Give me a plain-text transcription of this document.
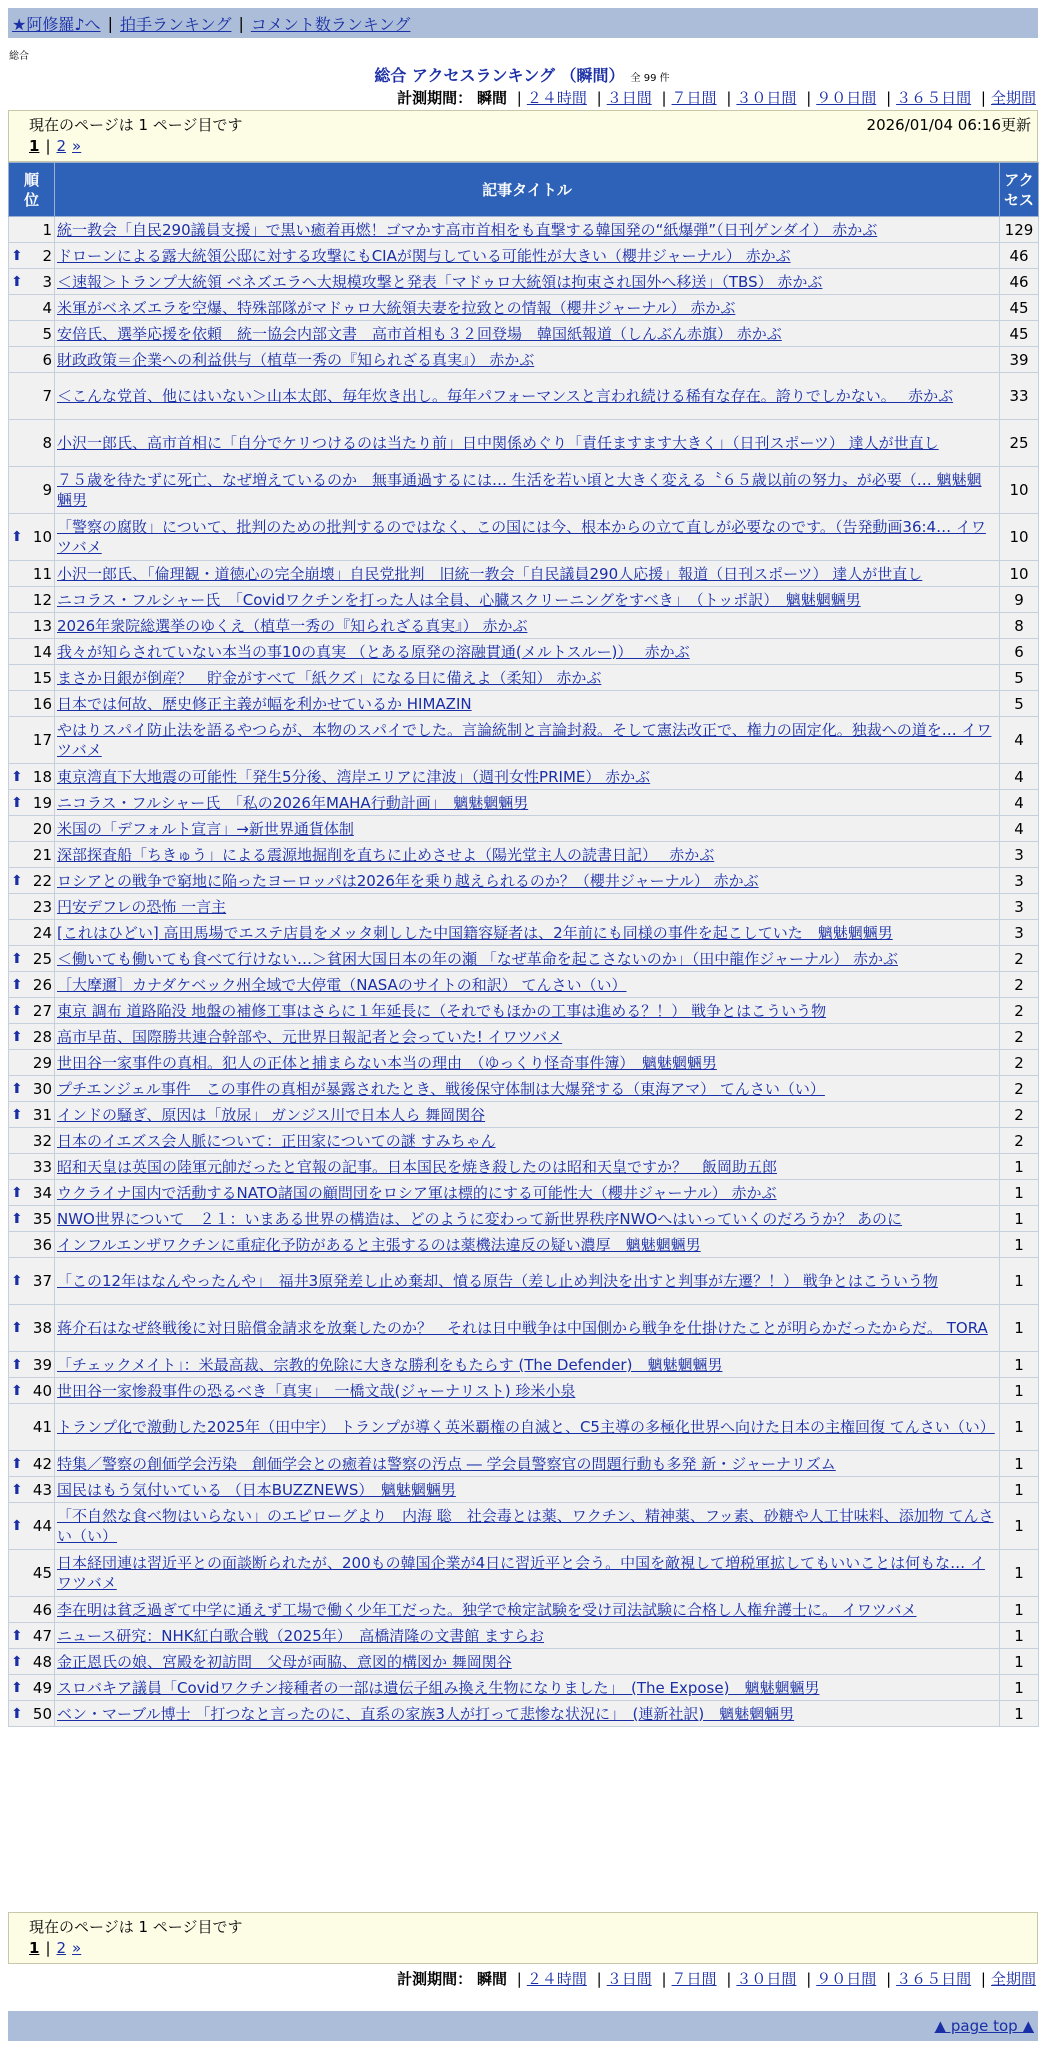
★阿修羅♪へ | 拍手ランキング | コメント数ランキング
総合
総合 アクセスランキング （瞬間） 全 99 件
計測期間： 瞬間 | ２４時間 | ３日間 | ７日間 | ３０日間 | ９０日間 | ３６５日間 | 全期間
現在のページは 1 ページ目です	2026/01/04 06:16更新
1 | 2 »
順位	記事タイトル	アクセス
1	統一教会「自民290議員支援」で黒い癒着再燃！ゴマかす高市首相をも直撃する韓国発の“紙爆弾”（日刊ゲンダイ） 赤かぶ	129

⬆ 2	ドローンによる露大統領公邸に対する攻撃にもCIAが関与している可能性が大きい（櫻井ジャーナル） 赤かぶ	46

⬆ 3	＜速報＞トランプ大統領 ベネズエラへ大規模攻撃と発表「マドゥロ大統領は拘束され国外へ移送」（TBS） 赤かぶ	46
4	米軍がベネズエラを空爆、特殊部隊がマドゥロ大統領夫妻を拉致との情報（櫻井ジャーナル） 赤かぶ	45
5	安倍氏、選挙応援を依頼　統一協会内部文書　高市首相も３２回登場　韓国紙報道（しんぶん赤旗） 赤かぶ	45
6	財政政策＝企業への利益供与（植草一秀の『知られざる真実』） 赤かぶ	39
7	＜こんな党首、他にはいない＞山本太郎、毎年炊き出し。毎年パフォーマンスと言われ続ける稀有な存在。誇りでしかない。　 赤かぶ	33
8	小沢一郎氏、高市首相に「自分でケリつけるのは当たり前」日中関係めぐり「責任ますます大きく」（日刊スポーツ） 達人が世直し	25
9	７５歳を待たずに死亡、なぜ増えているのか　無事通過するには… 生活を若い頃と大きく変える〝６５歳以前の努力〟が必要（… 魑魅魍魎男	10

⬆ 10	「警察の腐敗」について、批判のための批判するのではなく、この国には今、根本からの立て直しが必要なのです。（告発動画36:4… イワツバメ	10
11	小沢一郎氏、「倫理観・道徳心の完全崩壊」自民党批判　旧統一教会「自民議員290人応援」報道（日刊スポーツ） 達人が世直し	10
12	ニコラス・フルシャー氏　「Covidワクチンを打った人は全員、心臓スクリーニングをすべき」　（トッポ訳）　魑魅魍魎男	9
13	2026年衆院総選挙のゆくえ（植草一秀の『知られざる真実』） 赤かぶ	8
14	我々が知らされていない本当の事10の真実 （とある原発の溶融貫通(メルトスルー)）　 赤かぶ	6
15	まさか日銀が倒産？　貯金がすべて「紙クズ」になる日に備えよ（柔知） 赤かぶ	5
16	日本では何故、歴史修正主義が幅を利かせているか HIMAZIN	5
17	やはりスパイ防止法を語るやつらが、本物のスパイでした。言論統制と言論封殺。そして憲法改正で、権力の固定化。独裁への道を… イワツバメ	4

⬆ 18	東京湾直下大地震の可能性「発生5分後、湾岸エリアに津波」（週刊女性PRIME） 赤かぶ	4

⬆ 19	ニコラス・フルシャー氏　「私の2026年MAHA行動計画」　魑魅魍魎男	4
20	米国の「デフォルト宣言」→新世界通貨体制	4
21	深部探査船「ちきゅう」による震源地掘削を直ちに止めさせよ（陽光堂主人の読書日記）　 赤かぶ	3

⬆ 22	ロシアとの戦争で窮地に陥ったヨーロッパは2026年を乗り越えられるのか？（櫻井ジャーナル） 赤かぶ	3
23	円安デフレの恐怖 一言主	3
24	[これはひどい] 高田馬場でエステ店員をメッタ刺しした中国籍容疑者は、2年前にも同様の事件を起こしていた　魑魅魍魎男	3

⬆ 25	＜働いても働いても食べて行けない…＞貧困大国日本の年の瀬 「なぜ革命を起こさないのか」（田中龍作ジャーナル） 赤かぶ	2

⬆ 26	［大摩邇］カナダケベック州全域で大停電（NASAのサイトの和訳） てんさい（い）	2

⬆ 27	東京 調布 道路陥没 地盤の補修工事はさらに１年延長に（それでもほかの工事は進める？！） 戦争とはこういう物	2

⬆ 28	高市早苗、国際勝共連合幹部や、元世界日報記者と会っていた! イワツバメ	2
29	世田谷一家事件の真相。犯人の正体と捕まらない本当の理由　（ゆっくり怪奇事件簿）　魑魅魍魎男	2

⬆ 30	プチエンジェル事件　この事件の真相が暴露されたとき、戦後保守体制は大爆発する（東海アマ） てんさい（い）	2

⬆ 31	インドの騒ぎ、原因は「放尿」 ガンジス川で日本人ら 舞岡関谷	2
32	日本のイエズス会人脈について：正田家についての謎 すみちゃん	2
33	昭和天皇は英国の陸軍元帥だったと官報の記事。日本国民を焼き殺したのは昭和天皇ですか？　飯岡助五郎	1

⬆ 34	ウクライナ国内で活動するNATO諸国の顧問団をロシア軍は標的にする可能性大（櫻井ジャーナル） 赤かぶ	1

⬆ 35	NWO世界について　２１：いまある世界の構造は、どのように変わって新世界秩序NWOへはいっていくのだろうか？ あのに	1
36	インフルエンザワクチンに重症化予防があると主張するのは薬機法違反の疑い濃厚　魑魅魍魎男	1

⬆ 37	「この12年はなんやったんや」　福井3原発差し止め棄却、憤る原告（差し止め判決を出すと判事が左遷？！） 戦争とはこういう物	1

⬆ 38	蒋介石はなぜ終戦後に対日賠償金請求を放棄したのか？　それは日中戦争は中国側から戦争を仕掛けたことが明らかだったからだ。 TORA	1

⬆ 39	「チェックメイト」：米最高裁、宗教的免除に大きな勝利をもたらす (The Defender)　魑魅魍魎男	1

⬆ 40	世田谷一家惨殺事件の恐るべき「真実」　一橋文哉(ジャーナリスト) 珍米小泉	1
41	トランプ化で激動した2025年（田中宇） トランプが導く英米覇権の自滅と、C5主導の多極化世界へ向けた日本の主権回復 てんさい（い）	1

⬆ 42	特集／警察の創価学会汚染　創価学会との癒着は警察の汚点 ― 学会員警察官の問題行動も多発 新・ジャーナリズム	1

⬆ 43	国民はもう気付いている （日本BUZZNEWS）　魑魅魍魎男	1

⬆ 44	「不自然な食べ物はいらない」のエピローグより　内海 聡　社会毒とは薬、ワクチン、精神薬、フッ素、砂糖や人工甘味料、添加物 てんさい（い）	1
45	日本経団連は習近平との面談断られたが、200もの韓国企業が4日に習近平と会う。中国を敵視して増税軍拡してもいいことは何もな… イワツバメ	1
46	李在明は貧乏過ぎて中学に通えず工場で働く少年工だった。独学で検定試験を受け司法試験に合格し人権弁護士に。 イワツバメ	1

⬆ 47	ニュース研究：NHK紅白歌合戦（2025年）　高橋清隆の文書館 ますらお	1

⬆ 48	金正恩氏の娘、宮殿を初訪問　父母が両脇、意図的構図か 舞岡関谷	1

⬆ 49	スロバキア議員「Covidワクチン接種者の一部は遺伝子組み換え生物になりました」　(The Expose)　魑魅魍魎男	1

⬆ 50	ベン・マーブル博士 「打つなと言ったのに、直系の家族3人が打って悲惨な状況に」　(連新社訳)　魑魅魍魎男	1
現在のページは 1 ページ目です
1 | 2 »
計測期間： 瞬間 | ２４時間 | ３日間 | ７日間 | ３０日間 | ９０日間 | ３６５日間 | 全期間
▲ page top ▲
